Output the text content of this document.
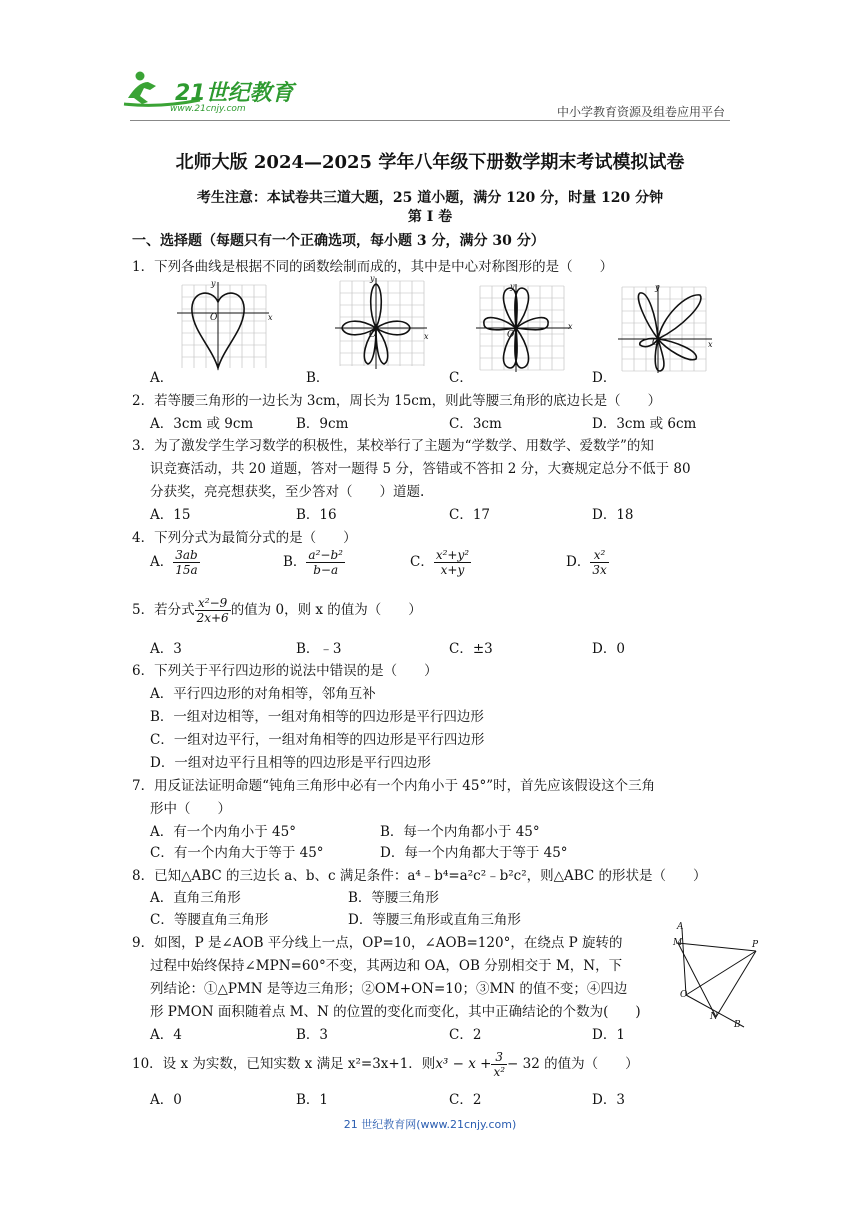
21世纪教育
www.21cnjy.com	中小学教育资源及组卷应用平台
北师大版 2024—2025 学年八年级下册数学期末考试模拟试卷
考生注意：本试卷共三道大题，25 道小题，满分 120 分，时量 120 分钟
第 I 卷
一、选择题（每题只有一个正确选项，每小题 3 分，满分 30 分）
1．下列各曲线是根据不同的函数绘制而成的，其中是中心对称图形的是（　　）
y
x
O
y
x
O
y
x
O
y
x
O
A．	B．	C．	D．
2．若等腰三角形的一边长为 3cm，周长为 15cm，则此等腰三角形的底边长是（　　）
A．3cm 或 9cm	B．9cm	C．3cm	D．3cm 或 6cm
3．为了激发学生学习数学的积极性，某校举行了主题为“学数学、用数学、爱数学”的知
识竞赛活动，共 20 道题，答对一题得 5 分，答错或不答扣 2 分，大赛规定总分不低于 80
分获奖，亮亮想获奖，至少答对（　　）道题.
A．15	B．16	C．17	D．18
4．下列分式为最简分式的是（　　）
A． $\frac{3ab}{15a}$	B． $\frac{\text{a²−b²}}{b-a}$	C． $\frac{\text{x²+y²}}{x+y}$	D． $\frac{\text{x²}}{3x}$
5．若分式 $\frac{\text{x²−9}}{2x+6}$ 的值为 0，则 x 的值为（　　）
A．3	B．﹣3	C．±3	D．0
6．下列关于平行四边形的说法中错误的是（　　）
A．平行四边形的对角相等，邻角互补
B．一组对边相等，一组对角相等的四边形是平行四边形
C．一组对边平行，一组对角相等的四边形是平行四边形
D．一组对边平行且相等的四边形是平行四边形
7．用反证法证明命题“钝角三角形中必有一个内角小于 45°”时，首先应该假设这个三角
形中（　　）
A．有一个内角小于 45°	B．每一个内角都小于 45°
C．有一个内角大于等于 45°	D．每一个内角都大于等于 45°
8．已知△ABC 的三边长 a、b、c 满足条件：a⁴﹣b⁴=a²c²﹣b²c²，则△ABC 的形状是（　　）
A．直角三角形	B．等腰三角形
C．等腰直角三角形	D．等腰三角形或直角三角形
9．如图，P 是∠AOB 平分线上一点，OP=10，∠AOB=120°，在绕点 P 旋转的
过程中始终保持∠MPN=60°不变，其两边和 OA，OB 分别相交于 M，N，下
列结论：①△PMN 是等边三角形；②OM+ON=10；③MN 的值不变；④四边
形 PMON 面积随着点 M、N 的位置的变化而变化，其中正确结论的个数为(　　)
A．4	B．3	C．2	D．1
A
M	P
O
N
B
10．设 x 为实数，已知实数 x 满足 x²=3x+1．则$x^3 - x + \frac{3}{\text{x²}} - 32$ 的值为（　　）
A．0	B．1	C．2	D．3
21 世纪教育网(www.21cnjy.com)
